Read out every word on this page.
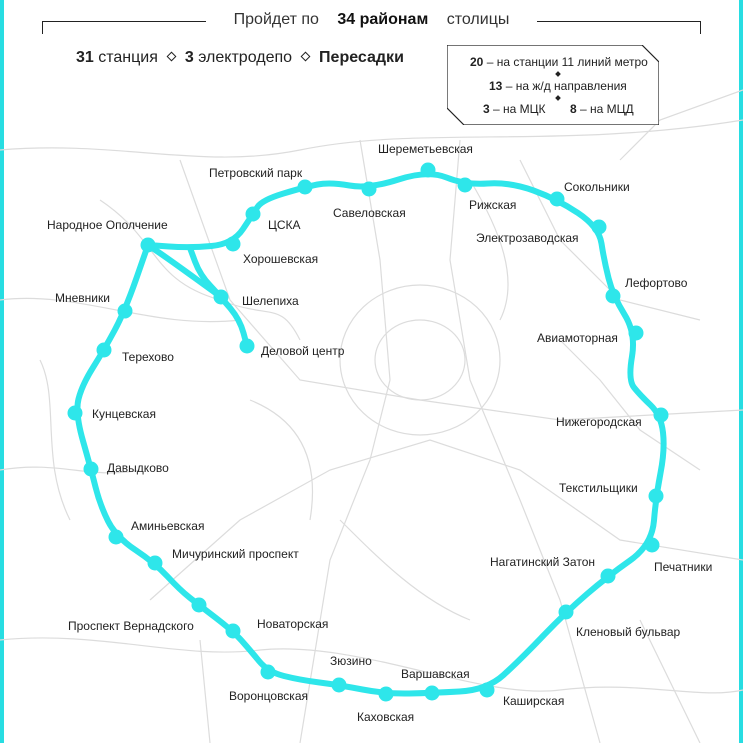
Народное Ополчение
Мневники
Терехово
Кунцевская
Давыдково
Аминьевская
Мичуринский проспект
Проспект Вернадского	Новаторская
Воронцовская
Зюзино
Каховская
Варшавская
Каширская
Кленовый бульвар
Нагатинский Затон	Печатники
Текстильщики
Нижегородская
Авиамоторная
Лефортово
Электрозаводская
Сокольники
Рижская
Шереметьевская
Савеловская
Петровский парк
ЦСКА
Хорошевская
Шелепиха
Деловой центр
Пройдет по 34 районам столицы
31 станция 3 электродепо Пересадки	20 – на станции 11 линий метро
13 – на ж/д направления
3 – на МЦК 8 – на МЦД
